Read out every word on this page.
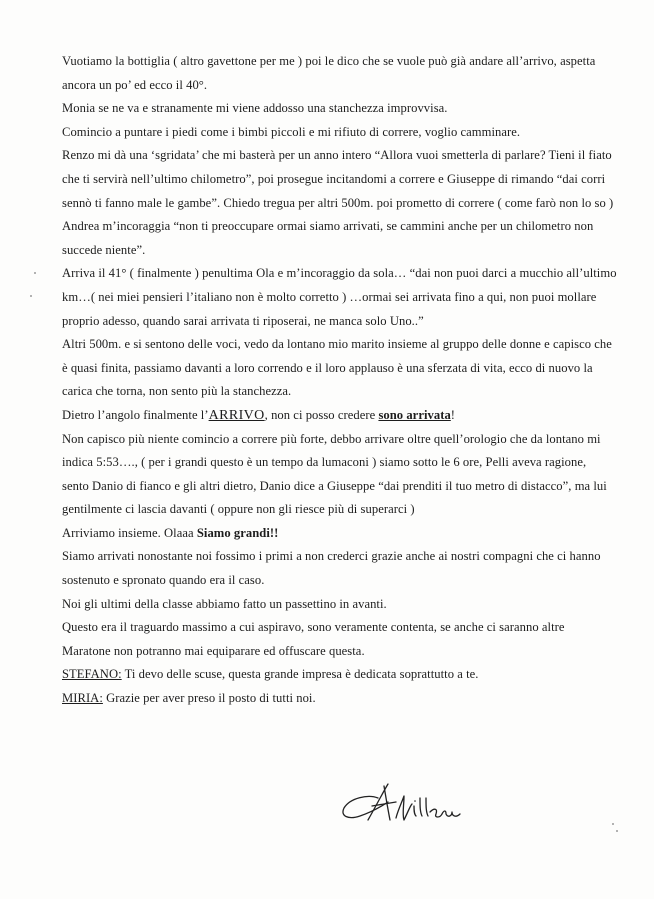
Vuotiamo la bottiglia ( altro gavettone per me ) poi le dico che se vuole può già andare all’arrivo, aspetta

ancora un po’ ed ecco il 40°.

Monia se ne va e stranamente mi viene addosso una stanchezza improvvisa.

Comincio a puntare i piedi come i bimbi piccoli e mi rifiuto di correre, voglio camminare.

Renzo mi dà una ‘sgridata’ che mi basterà per un anno intero “Allora vuoi smetterla di parlare? Tieni il fiato

che ti servirà nell’ultimo chilometro”, poi prosegue incitandomi a correre e Giuseppe di rimando “dai corri

sennò ti fanno male le gambe”. Chiedo tregua per altri 500m. poi prometto di correre ( come farò non lo so )

Andrea m’incoraggia “non ti preoccupare ormai siamo arrivati, se cammini anche per un chilometro non

succede niente”.

Arriva il 41° ( finalmente ) penultima Ola e m’incoraggio da sola… “dai non puoi darci a mucchio all’ultimo

km…( nei miei pensieri l’italiano non è molto corretto ) …ormai sei arrivata fino a qui, non puoi mollare

proprio adesso, quando sarai arrivata ti riposerai, ne manca solo Uno..”

Altri 500m. e si sentono delle voci, vedo da lontano mio marito insieme al gruppo delle donne e capisco che

è quasi finita, passiamo davanti a loro correndo e il loro applauso è una sferzata di vita, ecco di nuovo la

carica che torna, non sento più la stanchezza.

Dietro l’angolo finalmente l’ARRIVO, non ci posso credere sono arrivata!

Non capisco più niente comincio a correre più forte, debbo arrivare oltre quell’orologio che da lontano mi

indica 5:53…., ( per i grandi questo è un tempo da lumaconi ) siamo sotto le 6 ore, Pelli aveva ragione,

sento Danio di fianco e gli altri dietro, Danio dice a Giuseppe “dai prenditi il tuo metro di distacco”, ma lui

gentilmente ci lascia davanti ( oppure non gli riesce più di superarci )

Arriviamo insieme. Olaaa Siamo grandi!!

Siamo arrivati nonostante noi fossimo i primi a non crederci grazie anche ai nostri compagni che ci hanno

sostenuto e spronato quando era il caso.

Noi gli ultimi della classe abbiamo fatto un passettino in avanti.

Questo era il traguardo massimo a cui aspiravo, sono veramente contenta, se anche ci saranno altre

Maratone non potranno mai equiparare ed offuscare questa.

STEFANO: Ti devo delle scuse, questa grande impresa è dedicata soprattutto a te.

MIRIA: Grazie per aver preso il posto di tutti noi.
